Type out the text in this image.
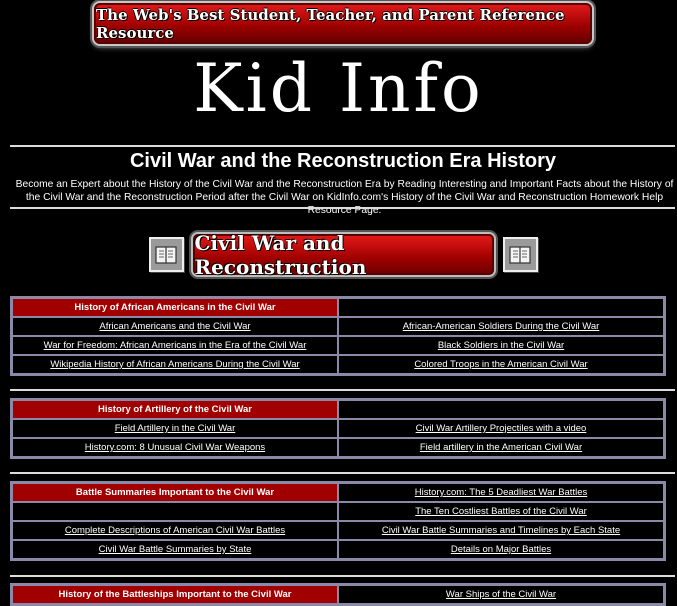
The Web's Best Student, Teacher, and Parent Reference Resource
Kid Info
Civil War and the Reconstruction Era History
Become an Expert about the History of the Civil War and the Reconstruction Era by Reading Interesting and Important Facts about the History of the Civil War and the Reconstruction Period after the Civil War on KidInfo.com's History of the Civil War and Reconstruction Homework Help Resource Page.
Civil War and Reconstruction
History of African Americans in the Civil War	
African Americans and the Civil War	African-American Soldiers During the Civil War
War for Freedom: African Americans in the Era of the Civil War	Black Soldiers in the Civil War
Wikipedia History of African Americans During the Civil War	Colored Troops in the American Civil War
History of Artillery of the Civil War	
Field Artillery in the Civil War	Civil War Artillery Projectiles with a video
History.com: 8 Unusual Civil War Weapons	Field artillery in the American Civil War
Battle Summaries Important to the Civil War	History.com: The 5 Deadliest War Battles
	The Ten Costliest Battles of the Civil War
Complete Descriptions of American Civil War Battles	Civil War Battle Summaries and Timelines by Each State
Civil War Battle Summaries by State	Details on Major Battles
History of the Battleships Important to the Civil War	War Ships of the Civil War
